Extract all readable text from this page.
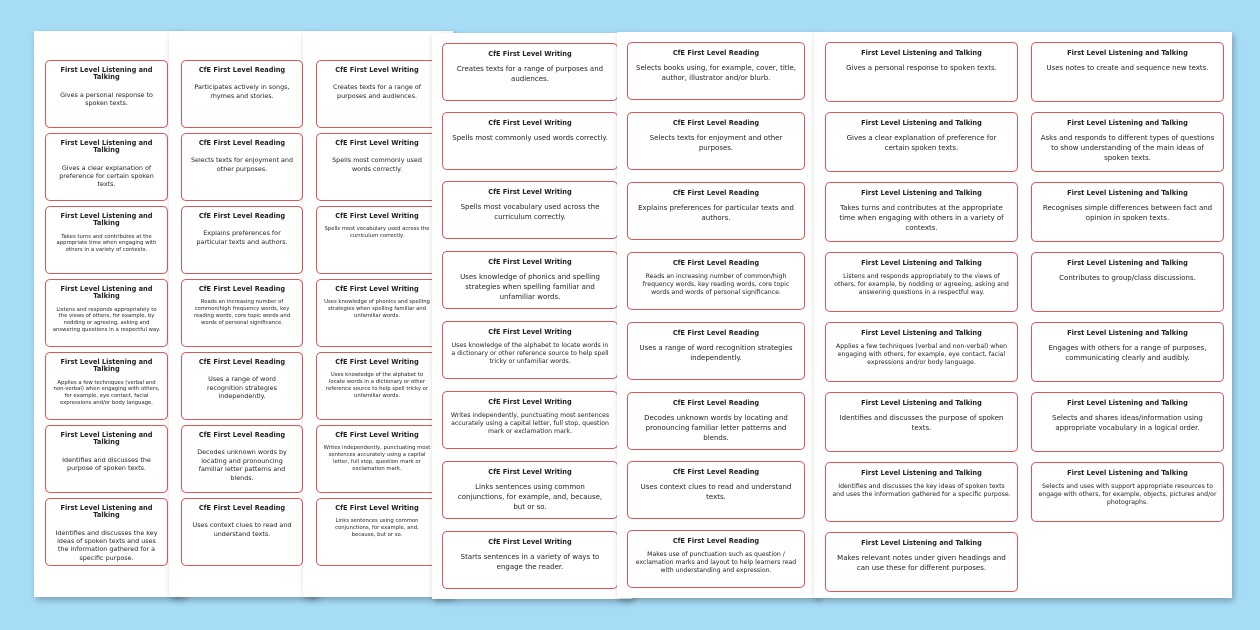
First Level Listening and Talking
Gives a personal response to spoken texts.
First Level Listening and Talking
Gives a clear explanation of preference for certain spoken texts.
First Level Listening and Talking
Takes turns and contributes at the appropriate time when engaging with others in a variety of contexts.
First Level Listening and Talking
Listens and responds appropriately to the views of others, for example, by nodding or agreeing, asking and answering questions in a respectful way.
First Level Listening and Talking
Applies a few techniques (verbal and non-verbal) when engaging with others, for example, eye contact, facial expressions and/or body language.
First Level Listening and Talking
Identifies and discusses the purpose of spoken texts.
First Level Listening and Talking
Identifies and discusses the key ideas of spoken texts and uses the information gathered for a specific purpose.
CfE First Level Reading
Participates actively in songs, rhymes and stories.
CfE First Level Reading
Selects texts for enjoyment and other purposes.
CfE First Level Reading
Explains preferences for particular texts and authors.
CfE First Level Reading
Reads an increasing number of common/high frequency words, key reading words, core topic words and words of personal significance.
CfE First Level Reading
Uses a range of word recognition strategies independently.
CfE First Level Reading
Decodes unknown words by locating and pronouncing familiar letter patterns and blends.
CfE First Level Reading
Uses context clues to read and understand texts.
CfE First Level Writing
Creates texts for a range of purposes and audiences.
CfE First Level Writing
Spells most commonly used words correctly.
CfE First Level Writing
Spells most vocabulary used across the curriculum correctly.
CfE First Level Writing
Uses knowledge of phonics and spelling strategies when spelling familiar and unfamiliar words.
CfE First Level Writing
Uses knowledge of the alphabet to locate words in a dictionary or other reference source to help spell tricky or unfamiliar words.
CfE First Level Writing
Writes independently, punctuating most sentences accurately using a capital letter, full stop, question mark or exclamation mark.
CfE First Level Writing
Links sentences using common conjunctions, for example, and, because, but or so.
CfE First Level Writing
Creates texts for a range of purposes and audiences.
CfE First Level Writing
Spells most commonly used words correctly.
CfE First Level Writing
Spells most vocabulary used across the curriculum correctly.
CfE First Level Writing
Uses knowledge of phonics and spelling strategies when spelling familiar and unfamiliar words.
CfE First Level Writing
Uses knowledge of the alphabet to locate words in a dictionary or other reference source to help spell tricky or unfamiliar words.
CfE First Level Writing
Writes independently, punctuating most sentences accurately using a capital letter, full stop, question mark or exclamation mark.
CfE First Level Writing
Links sentences using common conjunctions, for example, and, because, but or so.
CfE First Level Writing
Starts sentences in a variety of ways to engage the reader.
CfE First Level Reading
Selects books using, for example, cover, title, author, illustrator and/or blurb.
CfE First Level Reading
Selects texts for enjoyment and other purposes.
CfE First Level Reading
Explains preferences for particular texts and authors.
CfE First Level Reading
Reads an increasing number of common/high frequency words, key reading words, core topic words and words of personal significance.
CfE First Level Reading
Uses a range of word recognition strategies independently.
CfE First Level Reading
Decodes unknown words by locating and pronouncing familiar letter patterns and blends.
CfE First Level Reading
Uses context clues to read and understand texts.
CfE First Level Reading
Makes use of punctuation such as question / exclamation marks and layout to help learners read with understanding and expression.
First Level Listening and Talking
Gives a personal response to spoken texts.
First Level Listening and Talking
Uses notes to create and sequence new texts.
First Level Listening and Talking
Gives a clear explanation of preference for certain spoken texts.
First Level Listening and Talking
Asks and responds to different types of questions to show understanding of the main ideas of spoken texts.
First Level Listening and Talking
Takes turns and contributes at the appropriate time when engaging with others in a variety of contexts.
First Level Listening and Talking
Recognises simple differences between fact and opinion in spoken texts.
First Level Listening and Talking
Listens and responds appropriately to the views of others, for example, by nodding or agreeing, asking and answering questions in a respectful way.
First Level Listening and Talking
Contributes to group/class discussions.
First Level Listening and Talking
Applies a few techniques (verbal and non-verbal) when engaging with others, for example, eye contact, facial expressions and/or body language.
First Level Listening and Talking
Engages with others for a range of purposes, communicating clearly and audibly.
First Level Listening and Talking
Identifies and discusses the purpose of spoken texts.
First Level Listening and Talking
Selects and shares ideas/information using appropriate vocabulary in a logical order.
First Level Listening and Talking
Identifies and discusses the key ideas of spoken texts and uses the information gathered for a specific purpose.
First Level Listening and Talking
Selects and uses with support appropriate resources to engage with others, for example, objects, pictures and/or photographs.
First Level Listening and Talking
Makes relevant notes under given headings and can use these for different purposes.
